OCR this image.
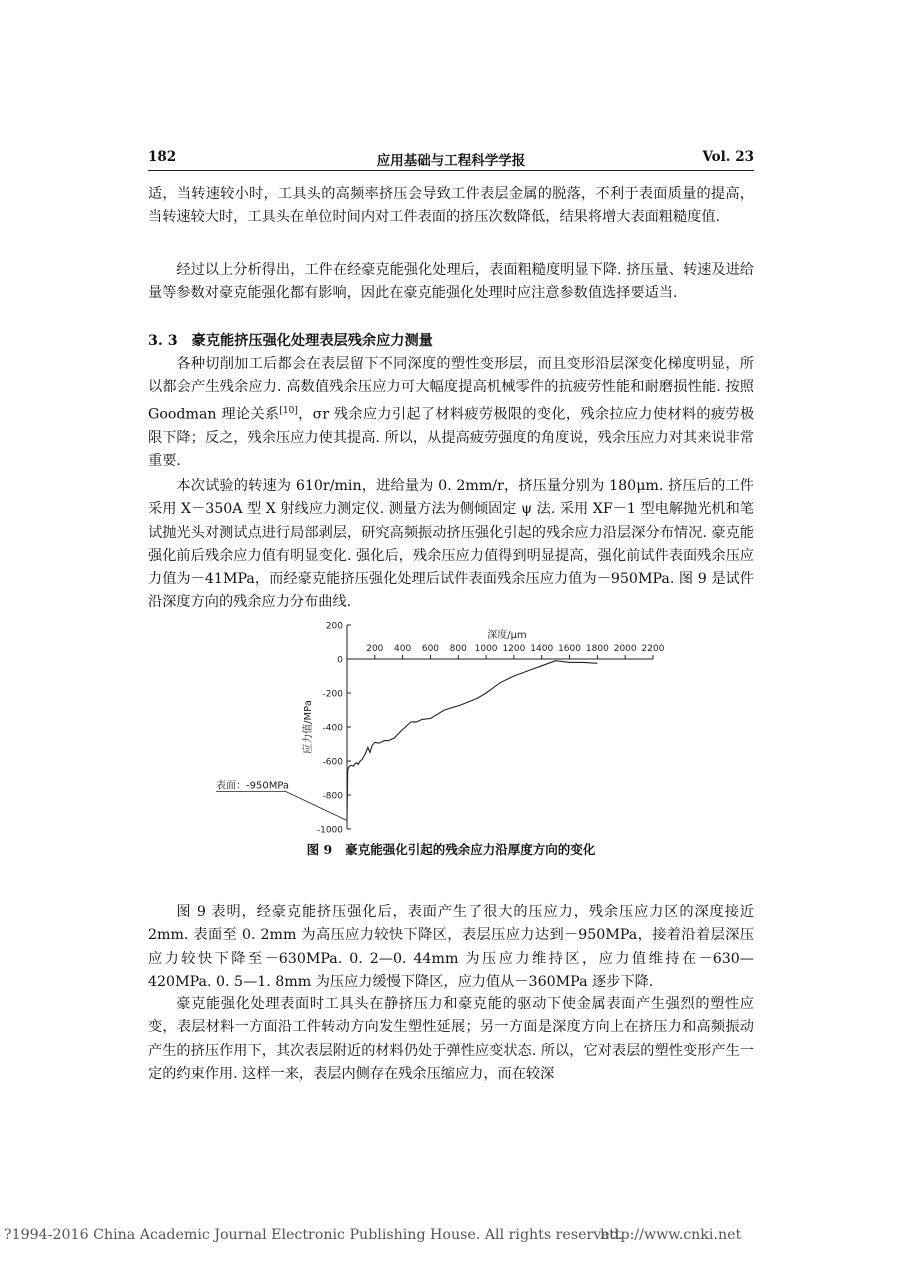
182	应用基础与工程科学学报	Vol. 23

适，当转速较小时，工具头的高频率挤压会导致工件表层金属的脱落，不利于表面质量的提高，当转速较大时，工具头在单位时间内对工件表面的挤压次数降低，结果将增大表面粗糙度值.

经过以上分析得出，工件在经豪克能强化处理后，表面粗糙度明显下降. 挤压量、转速及进给量等参数对豪克能强化都有影响，因此在豪克能强化处理时应注意参数值选择要适当.

3. 3 豪克能挤压强化处理表层残余应力测量

各种切削加工后都会在表层留下不同深度的塑性变形层，而且变形沿层深变化梯度明显，所以都会产生残余应力. 高数值残余压应力可大幅度提高机械零件的抗疲劳性能和耐磨损性能. 按照 Goodman 理论关系[10]，σr 残余应力引起了材料疲劳极限的变化，残余拉应力使材料的疲劳极限下降；反之，残余压应力使其提高. 所以，从提高疲劳强度的角度说，残余压应力对其来说非常重要.

本次试验的转速为 610r/min，进给量为 0. 2mm/r，挤压量分别为 180μm. 挤压后的工件采用 X－350A 型 X 射线应力测定仪. 测量方法为侧倾固定 ψ 法. 采用 XF－1 型电解抛光机和笔试抛光头对测试点进行局部剥层，研究高频振动挤压强化引起的残余应力沿层深分布情况. 豪克能强化前后残余应力值有明显变化. 强化后，残余压应力值得到明显提高，强化前试件表面残余压应力值为－41MPa，而经豪克能挤压强化处理后试件表面残余压应力值为－950MPa. 图 9 是试件沿深度方向的残余应力分布曲线.

200
0
-200
-400
-600
-800
-1000
200 400 600 800 1000 1200 1400 1600 1800 2000 2200
深度/μm
应力值/MPa
表面：-950MPa

图 9 豪克能强化引起的残余应力沿厚度方向的变化

图 9 表明，经豪克能挤压强化后，表面产生了很大的压应力，残余压应力区的深度接近 2mm. 表面至 0. 2mm 为高压应力较快下降区，表层压应力达到－950MPa，接着沿着层深压应力较快下降至－630MPa. 0. 2—0. 44mm 为压应力维持区，应力值维持在－630—420MPa. 0. 5—1. 8mm 为压应力缓慢下降区，应力值从－360MPa 逐步下降.

豪克能强化处理表面时工具头在静挤压力和豪克能的驱动下使金属表面产生强烈的塑性应变，表层材料一方面沿工件转动方向发生塑性延展；另一方面是深度方向上在挤压力和高频振动产生的挤压作用下，其次表层附近的材料仍处于弹性应变状态. 所以，它对表层的塑性变形产生一定的约束作用. 这样一来，表层内侧存在残余压缩应力，而在较深

?1994-2016 China Academic Journal Electronic Publishing House. All rights reserved.
http://www.cnki.net
